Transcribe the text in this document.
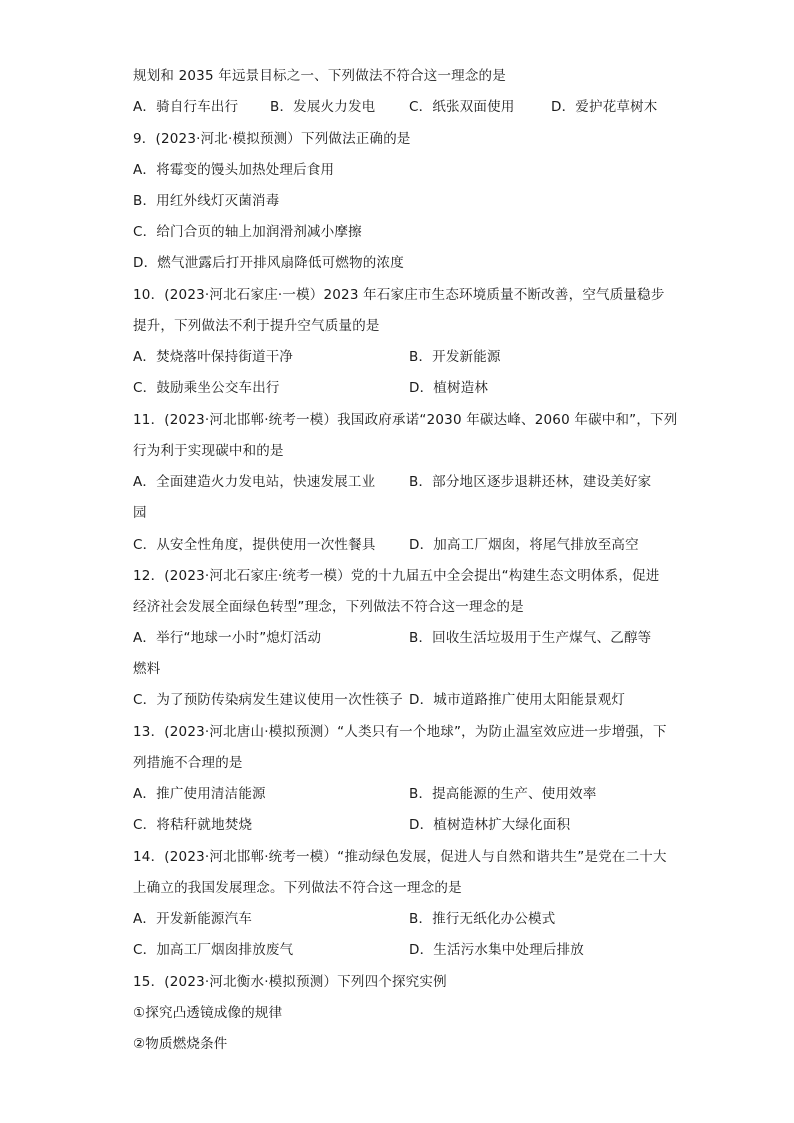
规划和 2035 年远景目标之一、下列做法不符合这一理念的是
A．骑自行车出行 B．发展火力发电 C．纸张双面使用	D．爱护花草树木
9．(2023·河北·模拟预测）下列做法正确的是
A．将霉变的馒头加热处理后食用
B．用红外线灯灭菌消毒
C．给门合页的轴上加润滑剂减小摩擦
D．燃气泄露后打开排风扇降低可燃物的浓度
10．(2023·河北石家庄·一模）2023 年石家庄市生态环境质量不断改善，空气质量稳步
提升，下列做法不利于提升空气质量的是
A．焚烧落叶保持街道干净	B．开发新能源
C．鼓励乘坐公交车出行	D．植树造林
11．(2023·河北邯郸·统考一模）我国政府承诺“2030 年碳达峰、2060 年碳中和”，下列
行为利于实现碳中和的是
A．全面建造火力发电站，快速发展工业 B．部分地区逐步退耕还林，建设美好家
园
C．从安全性角度，提供使用一次性餐具 D．加高工厂烟囱，将尾气排放至高空
12．(2023·河北石家庄·统考一模）党的十九届五中全会提出“构建生态文明体系，促进
经济社会发展全面绿色转型”理念，下列做法不符合这一理念的是
A．举行“地球一小时”熄灯活动	B．回收生活垃圾用于生产煤气、乙醇等
燃料
C．为了预防传染病发生建议使用一次性筷子 D．城市道路推广使用太阳能景观灯
13．(2023·河北唐山·模拟预测）“人类只有一个地球”，为防止温室效应进一步增强，下
列措施不合理的是
A．推广使用清洁能源	B．提高能源的生产、使用效率
C．将秸秆就地焚烧	D．植树造林扩大绿化面积
14．(2023·河北邯郸·统考一模）“推动绿色发展，促进人与自然和谐共生”是党在二十大
上确立的我国发展理念。下列做法不符合这一理念的是
A．开发新能源汽车	B．推行无纸化办公模式
C．加高工厂烟囱排放废气	D．生活污水集中处理后排放
15．(2023·河北衡水·模拟预测）下列四个探究实例
①探究凸透镜成像的规律
②物质燃烧条件
